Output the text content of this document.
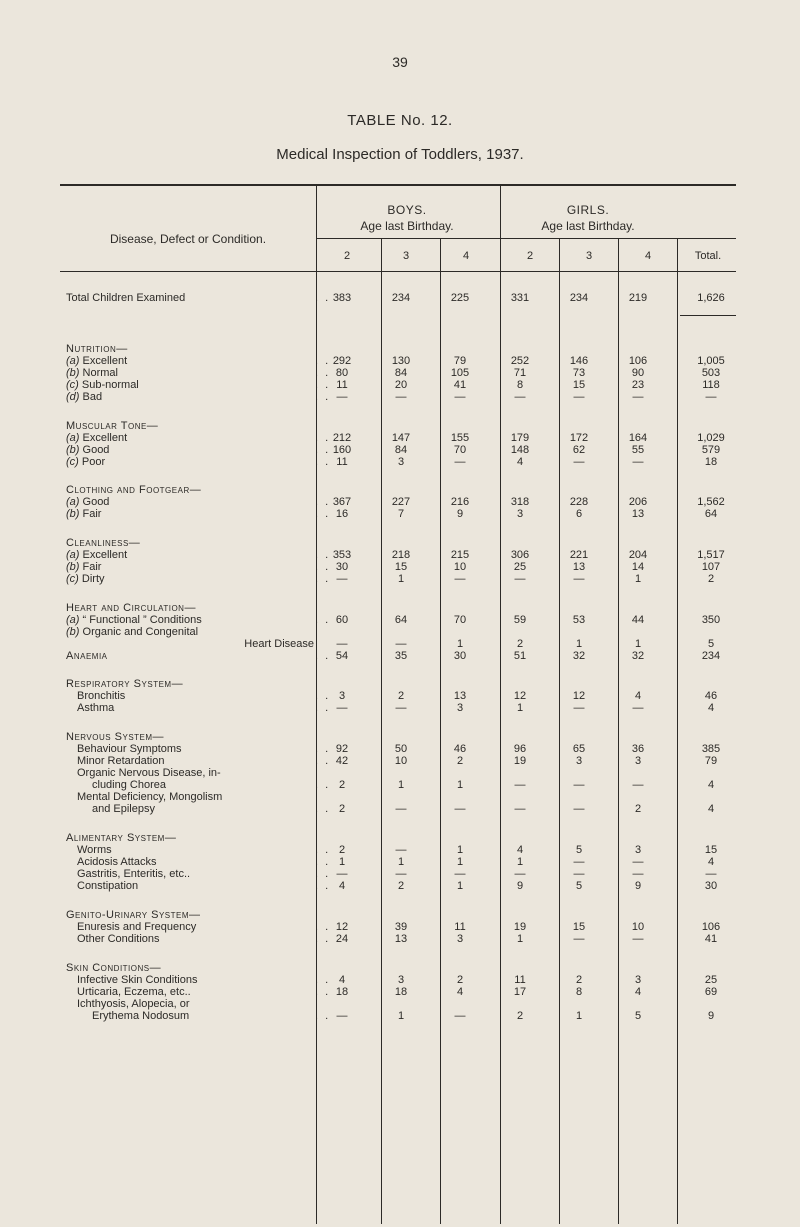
39
TABLE No. 12.
Medical Inspection of Toddlers, 1937.
Disease, Defect or Condition.
BOYS.
Age last Birthday.
GIRLS.
Age last Birthday.
2	3	4	2	3	4	Total.
Total Children Examined	. . 383	234	225	331	234	219	1,626
Nutrition—
(a) Excellent	. . 292	130	79	252	146	106	1,005
(b) Normal	. . 80	84	105	71	73	90	503
(c) Sub-normal	. . 11	20	41	8	15	23	118
(d) Bad	. . —	—	—	—	—	—	—
Muscular Tone—
(a) Excellent	. . 212	147	155	179	172	164	1,029
(b) Good	. . 160	84	70	148	62	55	579
(c) Poor	. . 11	3	—	4	—	—	18
Clothing and Footgear—
(a) Good	. . 367	227	216	318	228	206	1,562
(b) Fair	. . 16	7	9	3	6	13	64
Cleanliness—
(a) Excellent	. . 353	218	215	306	221	204	1,517
(b) Fair	. . 30	15	10	25	13	14	107
(c) Dirty	. . —	1	—	—	—	1	2
Heart and Circulation—
(a) “ Functional ” Conditions	. . 60	64	70	59	53	44	350
(b) Organic and Congenital
Heart Disease	—	—	1	2	1	1	5
Anaemia	. . 54	35	30	51	32	32	234
Respiratory System—
Bronchitis	. . 3	2	13	12	12	4	46
Asthma	. . —	—	3	1	—	—	4
Nervous System—
Behaviour Symptoms	. . 92	50	46	96	65	36	385
Minor Retardation	. . 42	10	2	19	3	3	79
Organic Nervous Disease, in-
cluding Chorea	. . 2	1	1	—	—	—	4
Mental Deficiency, Mongolism
and Epilepsy	. . 2	—	—	—	—	2	4
Alimentary System—
Worms	. . 2	—	1	4	5	3	15
Acidosis Attacks	. . 1	1	1	1	—	—	4
Gastritis, Enteritis, etc..	. . —	—	—	—	—	—	—
Constipation	. . 4	2	1	9	5	9	30
Genito-Urinary System—
Enuresis and Frequency	. . 12	39	11	19	15	10	106
Other Conditions	. . 24	13	3	1	—	—	41
Skin Conditions—
Infective Skin Conditions	. . 4	3	2	11	2	3	25
Urticaria, Eczema, etc..	. . 18	18	4	17	8	4	69
Ichthyosis, Alopecia, or
Erythema Nodosum	. . —	1	—	2	1	5	9
